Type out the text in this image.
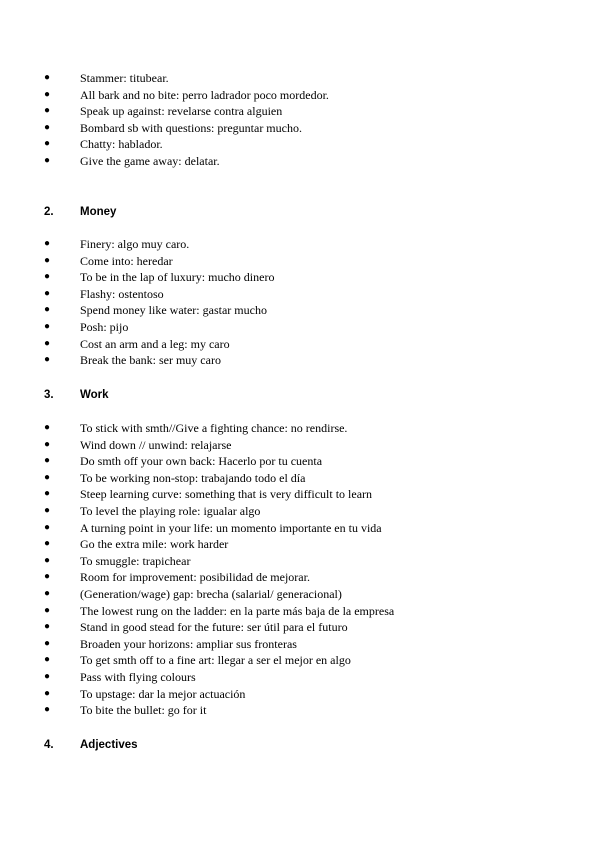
● Stammer: titubear.
● All bark and no bite: perro ladrador poco mordedor.
● Speak up against: revelarse contra alguien
● Bombard sb with questions: preguntar mucho.
● Chatty: hablador.
● Give the game away: delatar.
2. Money
● Finery: algo muy caro.
● Come into: heredar
● To be in the lap of luxury: mucho dinero
● Flashy: ostentoso
● Spend money like water: gastar mucho
● Posh: pijo
● Cost an arm and a leg: my caro
● Break the bank: ser muy caro
3. Work
● To stick with smth//Give a fighting chance: no rendirse.
● Wind down // unwind: relajarse
● Do smth off your own back: Hacerlo por tu cuenta
● To be working non-stop: trabajando todo el día
● Steep learning curve: something that is very difficult to learn
● To level the playing role: igualar algo
● A turning point in your life: un momento importante en tu vida
● Go the extra mile: work harder
● To smuggle: trapichear
● Room for improvement: posibilidad de mejorar.
● (Generation/wage) gap: brecha (salarial/ generacional)
● The lowest rung on the ladder: en la parte más baja de la empresa
● Stand in good stead for the future: ser útil para el futuro
● Broaden your horizons: ampliar sus fronteras
● To get smth off to a fine art: llegar a ser el mejor en algo
● Pass with flying colours
● To upstage: dar la mejor actuación
● To bite the bullet: go for it
4. Adjectives
